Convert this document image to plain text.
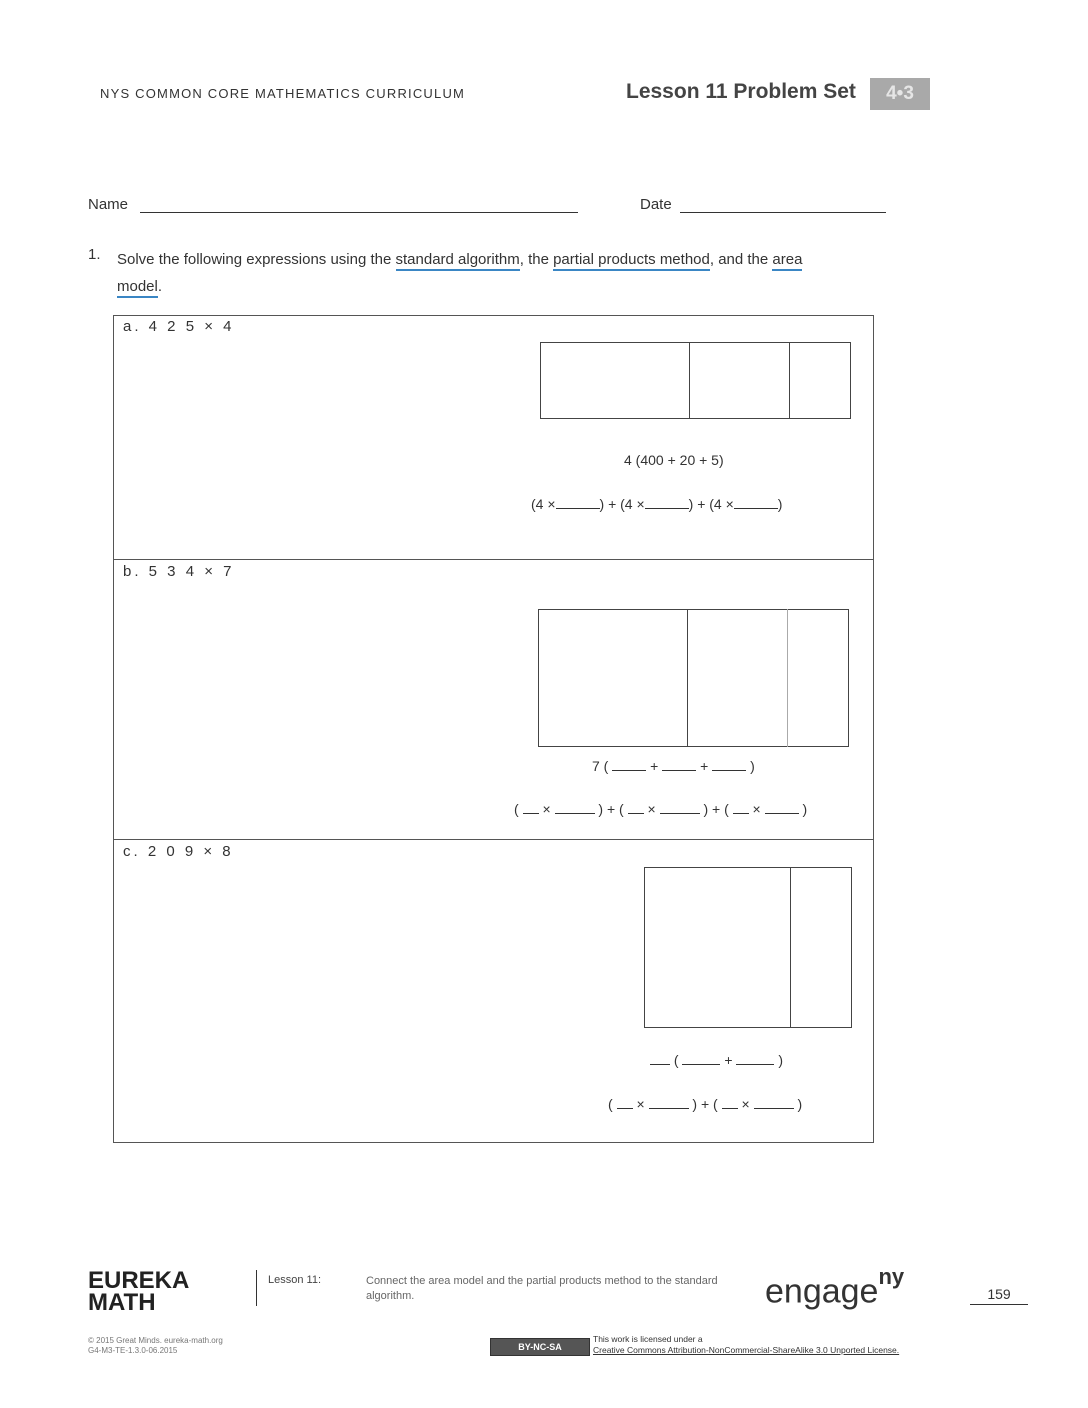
NYS COMMON CORE MATHEMATICS CURRICULUM	Lesson 11 Problem Set	4•3
Name	Date
1. Solve the following expressions using the standard algorithm, the partial products method, and the area
model.
a. 4 2 5 × 4
4 (400 + 20 + 5)
(4 ×	) + (4 ×	) + (4 ×	)
b. 5 3 4 × 7
7 (	+	+	)
( ×	) + ( ×	) + ( ×	)
c. 2 0 9 × 8
(	+	)
( ×	) + ( ×	)
EUREKA
MATH
Lesson 11:	Connect the area model and the partial products method to the standard algorithm.	engage$^{ny}$
159
© 2015 Great Minds. eureka-math.org
G4-M3-TE-1.3.0-06.2015	BY-NC-SA
This work is licensed under a
Creative Commons Attribution-NonCommercial-ShareAlike 3.0 Unported License.
